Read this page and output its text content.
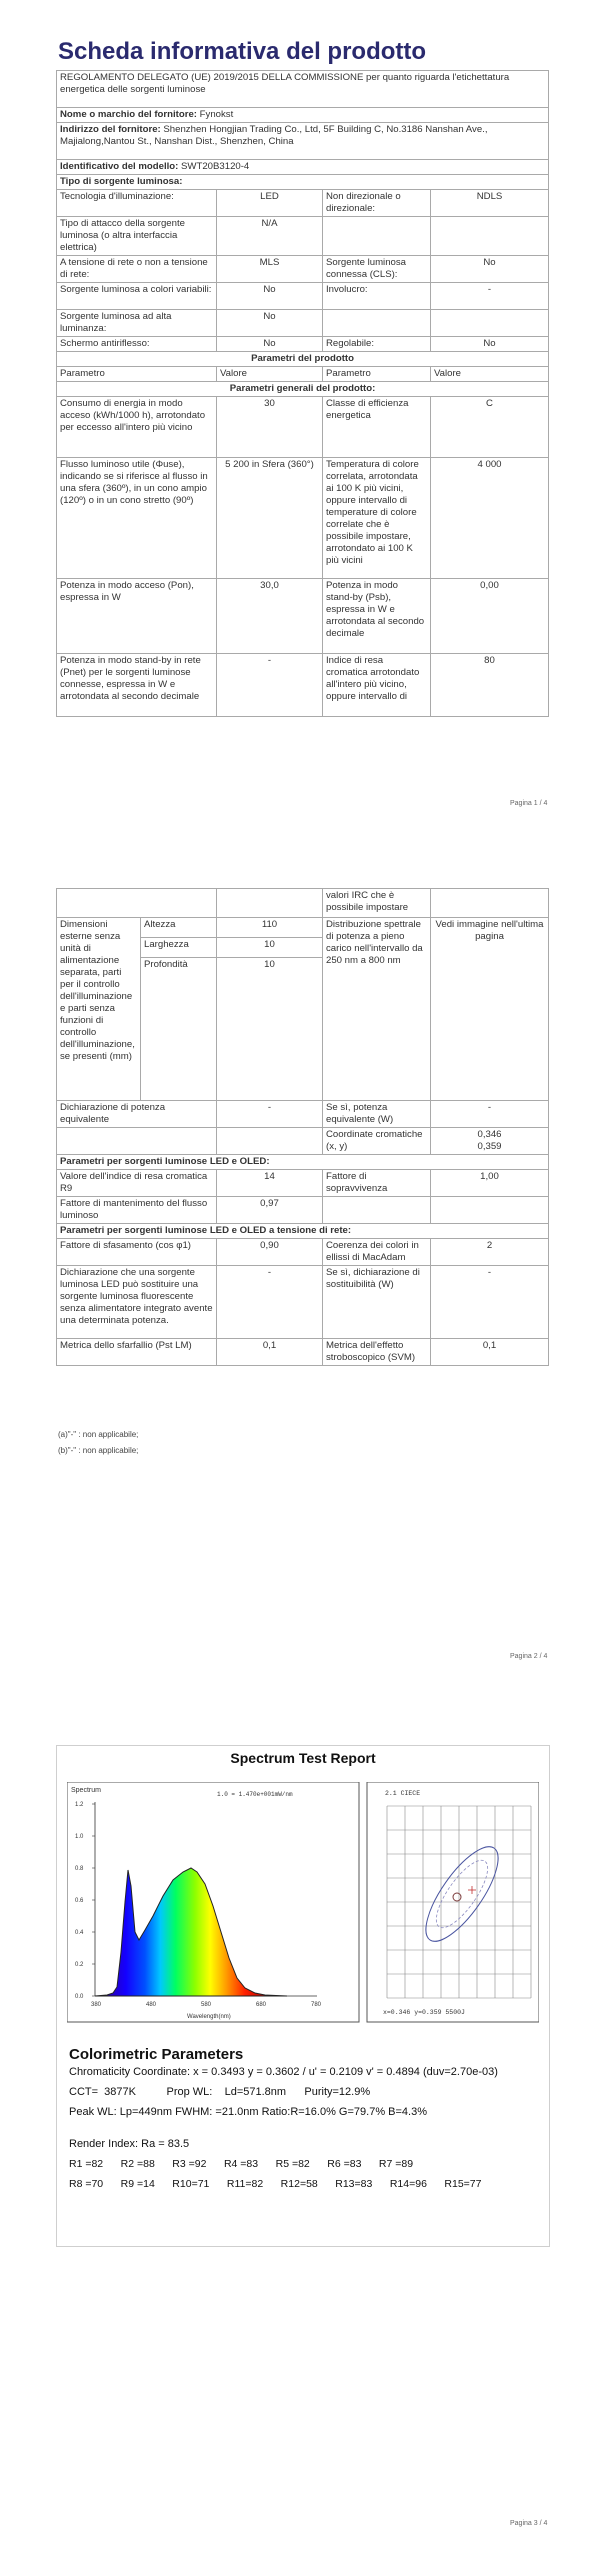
Scheda informativa del prodotto
REGOLAMENTO DELEGATO (UE) 2019/2015 DELLA COMMISSIONE per quanto riguarda l'etichettatura energetica delle sorgenti luminose			
Nome o marchio del fornitore: Fynokst			
Indirizzo del fornitore: Shenzhen Hongjian Trading Co., Ltd, 5F Building C, No.3186 Nanshan Ave., Majialong,Nantou St., Nanshan Dist., Shenzhen, China			
Identificativo del modello: SWT20B3120-4			
Tipo di sorgente luminosa:			
Tecnologia d'illuminazione:	LED	Non direzionale o direzionale:	NDLS
Tipo di attacco della sorgente luminosa (o altra interfaccia elettrica)	N/A		
A tensione di rete o non a tensione di rete:	MLS	Sorgente luminosa connessa (CLS):	No
Sorgente luminosa a colori variabili:	No	Involucro:	-
Sorgente luminosa ad alta luminanza:	No		
Schermo antiriflesso:	No	Regolabile:	No
Parametri del prodotto			
Parametro	Valore	Parametro	Valore
Parametri generali del prodotto:			
Consumo di energia in modo acceso (kWh/1000 h), arrotondato per eccesso all'intero più vicino	30	Classe di efficienza energetica	C
Flusso luminoso utile (Φuse), indicando se si riferisce al flusso in una sfera (360º), in un cono ampio (120º) o in un cono stretto (90º)	5 200 in Sfera (360°)	Temperatura di colore correlata, arrotondata ai 100 K più vicini, oppure intervallo di temperature di colore correlate che è possibile impostare, arrotondato ai 100 K più vicini	4 000
Potenza in modo acceso (Pon), espressa in W	30,0	Potenza in modo stand-by (Psb), espressa in W e arrotondata al secondo decimale	0,00
Potenza in modo stand-by in rete (Pnet) per le sorgenti luminose connesse, espressa in W e arrotondata al secondo decimale	-	Indice di resa cromatica arrotondato all'intero più vicino, oppure intervallo di	80
Pagina 1 / 4
			valori IRC che è possibile impostare	
Dimensioni esterne senza unità di alimentazione separata, parti per il controllo dell'illuminazione e parti senza funzioni di controllo dell'illuminazione, se presenti (mm)	Altezza	110	Distribuzione spettrale di potenza a pieno carico nell'intervallo da 250 nm a 800 nm	Vedi immagine nell'ultima pagina
	Larghezza	10		
	Profondità	10		
Dichiarazione di potenza equivalente		-	Se sì, potenza equivalente (W)	-
			Coordinate cromatiche (x, y)	0,346
0,359
Parametri per sorgenti luminose LED e OLED:				
Valore dell'indice di resa cromatica R9		14	Fattore di sopravvivenza	1,00
Fattore di mantenimento del flusso luminoso		0,97		
Parametri per sorgenti luminose LED e OLED a tensione di rete:				
Fattore di sfasamento (cos φ1)		0,90	Coerenza dei colori in ellissi di MacAdam	2
Dichiarazione che una sorgente luminosa LED può sostituire una sorgente luminosa fluorescente senza alimentatore integrato avente una determinata potenza.		-	Se sì, dichiarazione di sostituibilità (W)	-
Metrica dello sfarfallio (Pst LM)		0,1	Metrica dell'effetto stroboscopico (SVM)	0,1
(a)"-" : non applicabile;
(b)"-" : non applicabile;
Pagina 2 / 4
Spectrum Test Report
Spectrum
1.0 = 1.470e+001mW/nm
1.2
1.0
0.8
0.6
0.4
0.2
0.0
380	480	580	680	780
Wavelength(nm)
2.1 CIECE
x=0.346 y=0.359 5500J
Colorimetric Parameters
Chromaticity Coordinate: x = 0.3493 y = 0.3602 / u' = 0.2109 v' = 0.4894 (duv=2.70e-03)
CCT=  3877K          Prop WL:    Ld=571.8nm      Purity=12.9%
Peak WL: Lp=449nm FWHM: =21.0nm Ratio:R=16.0% G=79.7% B=4.3%
Render Index: Ra = 83.5
R1 =82      R2 =88      R3 =92      R4 =83      R5 =82      R6 =83      R7 =89
R8 =70      R9 =14      R10=71      R11=82      R12=58      R13=83      R14=96      R15=77
Pagina 3 / 4
